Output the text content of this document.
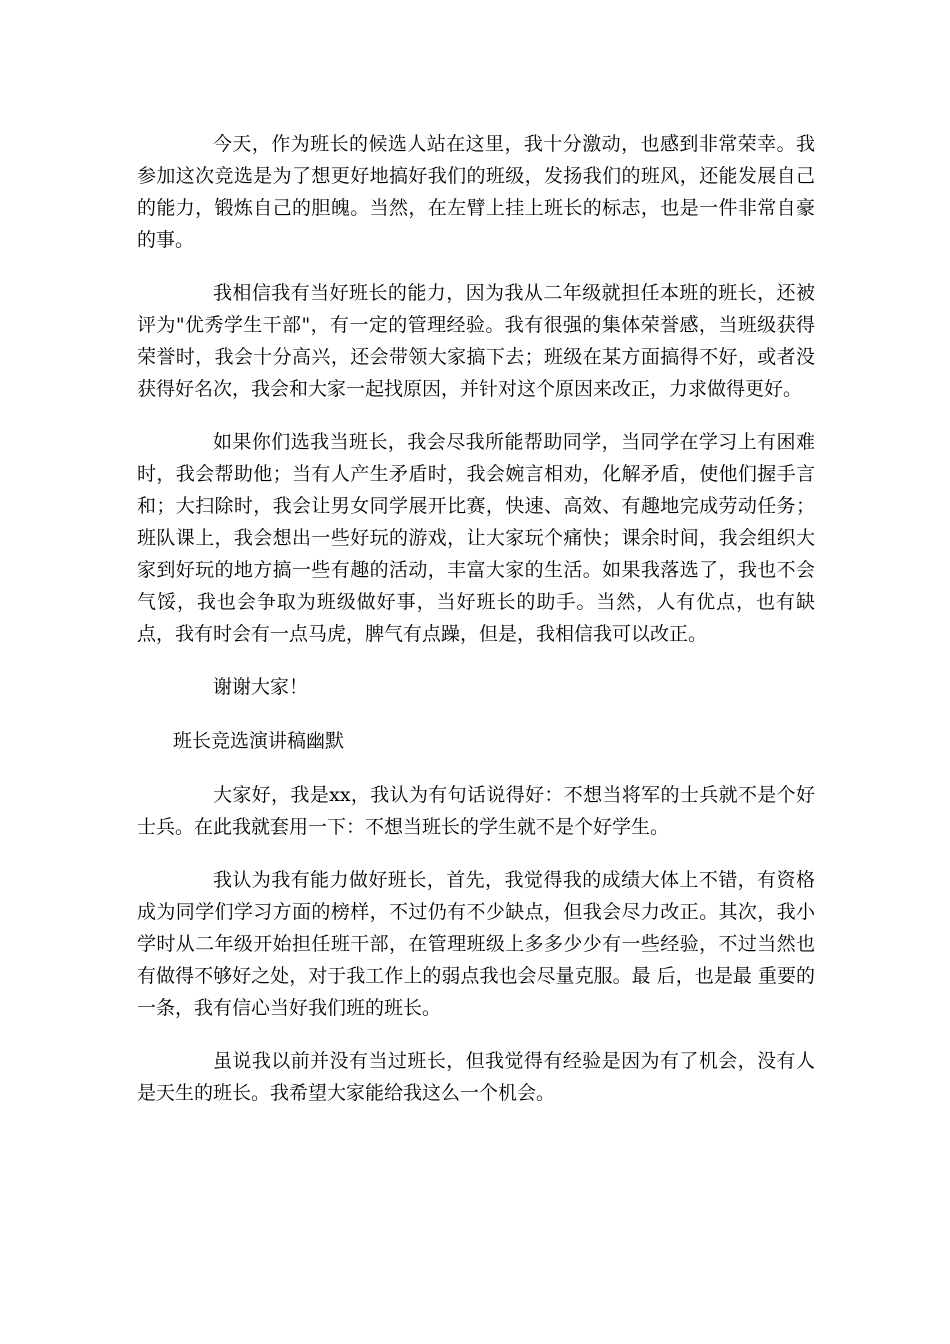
今天，作为班长的候选人站在这里，我十分激动，也感到非常荣幸。我参加这次竞选是为了想更好地搞好我们的班级，发扬我们的班风，还能发展自己的能力，锻炼自己的胆魄。当然，在左臂上挂上班长的标志，也是一件非常自豪的事。

我相信我有当好班长的能力，因为我从二年级就担任本班的班长，还被评为"优秀学生干部"，有一定的管理经验。我有很强的集体荣誉感，当班级获得荣誉时，我会十分高兴，还会带领大家搞下去；班级在某方面搞得不好，或者没获得好名次，我会和大家一起找原因，并针对这个原因来改正，力求做得更好。

如果你们选我当班长，我会尽我所能帮助同学，当同学在学习上有困难时，我会帮助他；当有人产生矛盾时，我会婉言相劝，化解矛盾，使他们握手言和；大扫除时，我会让男女同学展开比赛，快速、高效、有趣地完成劳动任务；班队课上，我会想出一些好玩的游戏，让大家玩个痛快；课余时间，我会组织大家到好玩的地方搞一些有趣的活动，丰富大家的生活。如果我落选了，我也不会气馁，我也会争取为班级做好事，当好班长的助手。当然，人有优点，也有缺点，我有时会有一点马虎，脾气有点躁，但是，我相信我可以改正。

谢谢大家！

班长竞选演讲稿幽默

大家好，我是xx，我认为有句话说得好：不想当将军的士兵就不是个好士兵。在此我就套用一下：不想当班长的学生就不是个好学生。

我认为我有能力做好班长，首先，我觉得我的成绩大体上不错，有资格成为同学们学习方面的榜样，不过仍有不少缺点，但我会尽力改正。其次，我小学时从二年级开始担任班干部，在管理班级上多多少少有一些经验，不过当然也有做得不够好之处，对于我工作上的弱点我也会尽量克服。最 后，也是最 重要的一条，我有信心当好我们班的班长。

虽说我以前并没有当过班长，但我觉得有经验是因为有了机会，没有人是天生的班长。我希望大家能给我这么一个机会。
